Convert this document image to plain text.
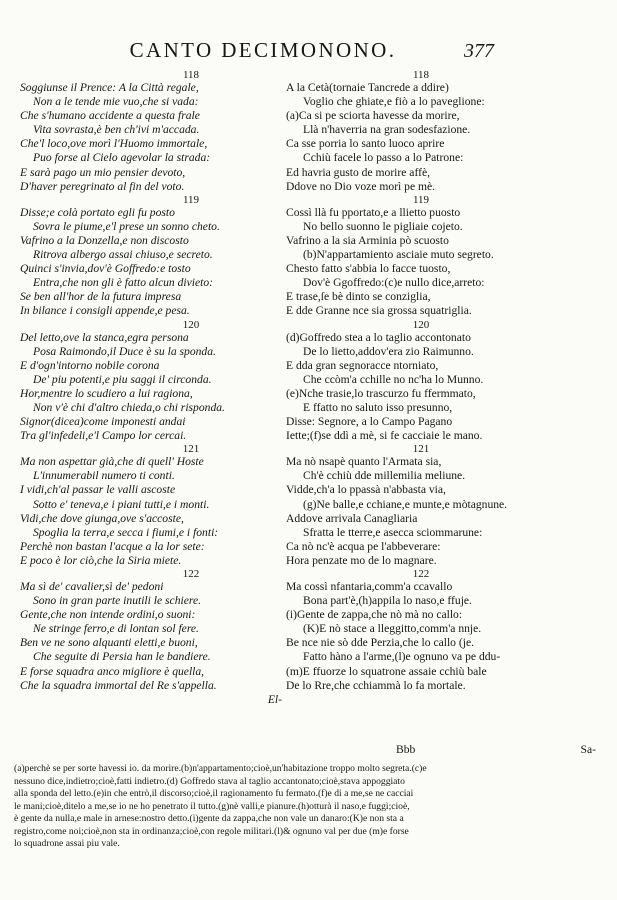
CANTO DECIMONONO.	377
118
Soggiunse il Prence: A la Città regale,
Non a le tende mie vuo,che si vada:
Che s'humano accidente a questa frale
Vita sovrasta,è ben ch'ivi m'accada.
Che'l loco,ove morì l'Huomo immortale,
Puo forse al Cielo agevolar la strada:
E sarà pago un mio pensier devoto,
D'haver peregrinato al fin del voto.
119
Disse;e colà portato egli fu posto
Sovra le piume,e'l prese un sonno cheto.
Vafrino a la Donzella,e non discosto
Ritrova albergo assai chiuso,e secreto.
Quinci s'invia,dov'è Goffredo:e tosto
Entra,che non gli è fatto alcun divieto:
Se ben all'hor de la futura impresa
In bilance i consigli appende,e pesa.
120
Del letto,ove la stanca,egra persona
Posa Raimondo,il Duce è su la sponda.
E d'ogn'intorno nobile corona
De' piu potenti,e piu saggi il circonda.
Hor,mentre lo scudiero a lui ragiona,
Non v'è chi d'altro chieda,o chi risponda.
Signor(dicea)come imponesti andai
Tra gl'infedeli,e'l Campo lor cercai.
121
Ma non aspettar già,che di quell' Hoste
L'innumerabil numero ti conti.
I vidi,ch'al passar le valli ascoste
Sotto e' teneva,e i piani tutti,e i monti.
Vidi,che dove giunga,ove s'accoste,
Spoglia la terra,e secca i fiumi,e i fonti:
Perchè non bastan l'acque a la lor sete:
E poco è lor ciò,che la Siria miete.
122
Ma sì de' cavalier,sì de' pedoni
Sono in gran parte inutili le schiere.
Gente,che non intende ordini,o suoni:
Ne stringe ferro,e di lontan sol fere.
Ben ve ne sono alquanti eletti,e buoni,
Che seguite di Persia han le bandiere.
E forse squadra anco migliore è quella,
Che la squadra immortal del Re s'appella.
El-
118
A la Cetà(tornaie Tancrede a ddire)
Voglio che ghiate,e fiò a lo paveglione:
(a)Ca si pe sciorta havesse da morire,
Llà n'haverria na gran sodesfazione.
Ca sse porria lo santo luoco aprire
Cchiù facele lo passo a lo Patrone:
Ed havria gusto de morire affè,
Ddove no Dio voze morì pe mè.
119
Cossì llà fu pportato,e a llietto puosto
No bello suonno le pigliaie cojeto.
Vafrino a la sia Arminia pò scuosto
(b)N'appartamiento asciaie muto segreto.
Chesto fatto s'abbia lo facce tuosto,
Dov'è Ggoffredo:(c)e nullo dice,arreto:
E trase,ſe bè dinto se conziglia,
E dde Granne nce sia grossa squatriglia.
120
(d)Goffredo stea a lo taglio accontonato
De lo lietto,addov'era zio Raimunno.
E dda gran segnoracce ntorniato,
Che ccòm'a cchille no nc'ha lo Munno.
(e)Nche trasie,lo trascurzo fu ffermmato,
E ffatto no saluto isso presunno,
Disse: Segnore, a lo Campo Pagano
Iette;(f)se ddì a mè, si fe cacciaie le mano.
121
Ma nò nsapè quanto l'Armata sia,
Ch'è cchiù dde millemilia meliune.
Vidde,ch'a lo ppassà n'abbasta via,
(g)Ne balle,e cchiane,e munte,e mòtagnune.
Addove arrivala Canagliaria
Sfratta le tterre,e asecca sciommarune:
Ca nò nc'è acqua pe l'abbeverare:
Hora penzate mo de lo magnare.
122
Ma cossì nfantaria,comm'a ccavallo
Bona part'è,(h)appila lo naso,e ffuje.
(i)Gente de zappa,che nò mà no callo:
(K)E nò stace a lleggitto,comm'a nnje.
Be nce nie sò dde Perzia,che lo callo (je.
Fatto hàno a l'arme,(l)e ognuno va pe ddu-
(m)E ffuorze lo squatrone assaie cchiù bale
De lo Rre,che cchiammà lo fa mortale.
Bbb	Sa-
(a)perchè se per sorte havessi io. da morire.(b)n'appartamento;cioè,un'habitazione troppo molto segreta.(c)e
nessuno dice,indietro;cioè,fatti indietro.(d) Goffredo stava al taglio accantonato;cioè,stava appoggiato
alla sponda del letto.(e)in che entrò,il discorso;cioè,il ragionamento fu fermato.(f)e di a me,se ne cacciai
le mani;cioè,ditelo a me,se io ne ho penetrato il tutto.(g)nè valli,e pianure.(h)otturà il naso,e fuggì;cioè,
è gente da nulla,e male in arnese:nostro detto.(i)gente da zappa,che non vale un danaro:(K)e non sta a
registro,come noi;cioè,non sta in ordinanza;cioè,con regole militari.(l)& ognuno val per due (m)e forse
lo squadrone assai piu vale.
